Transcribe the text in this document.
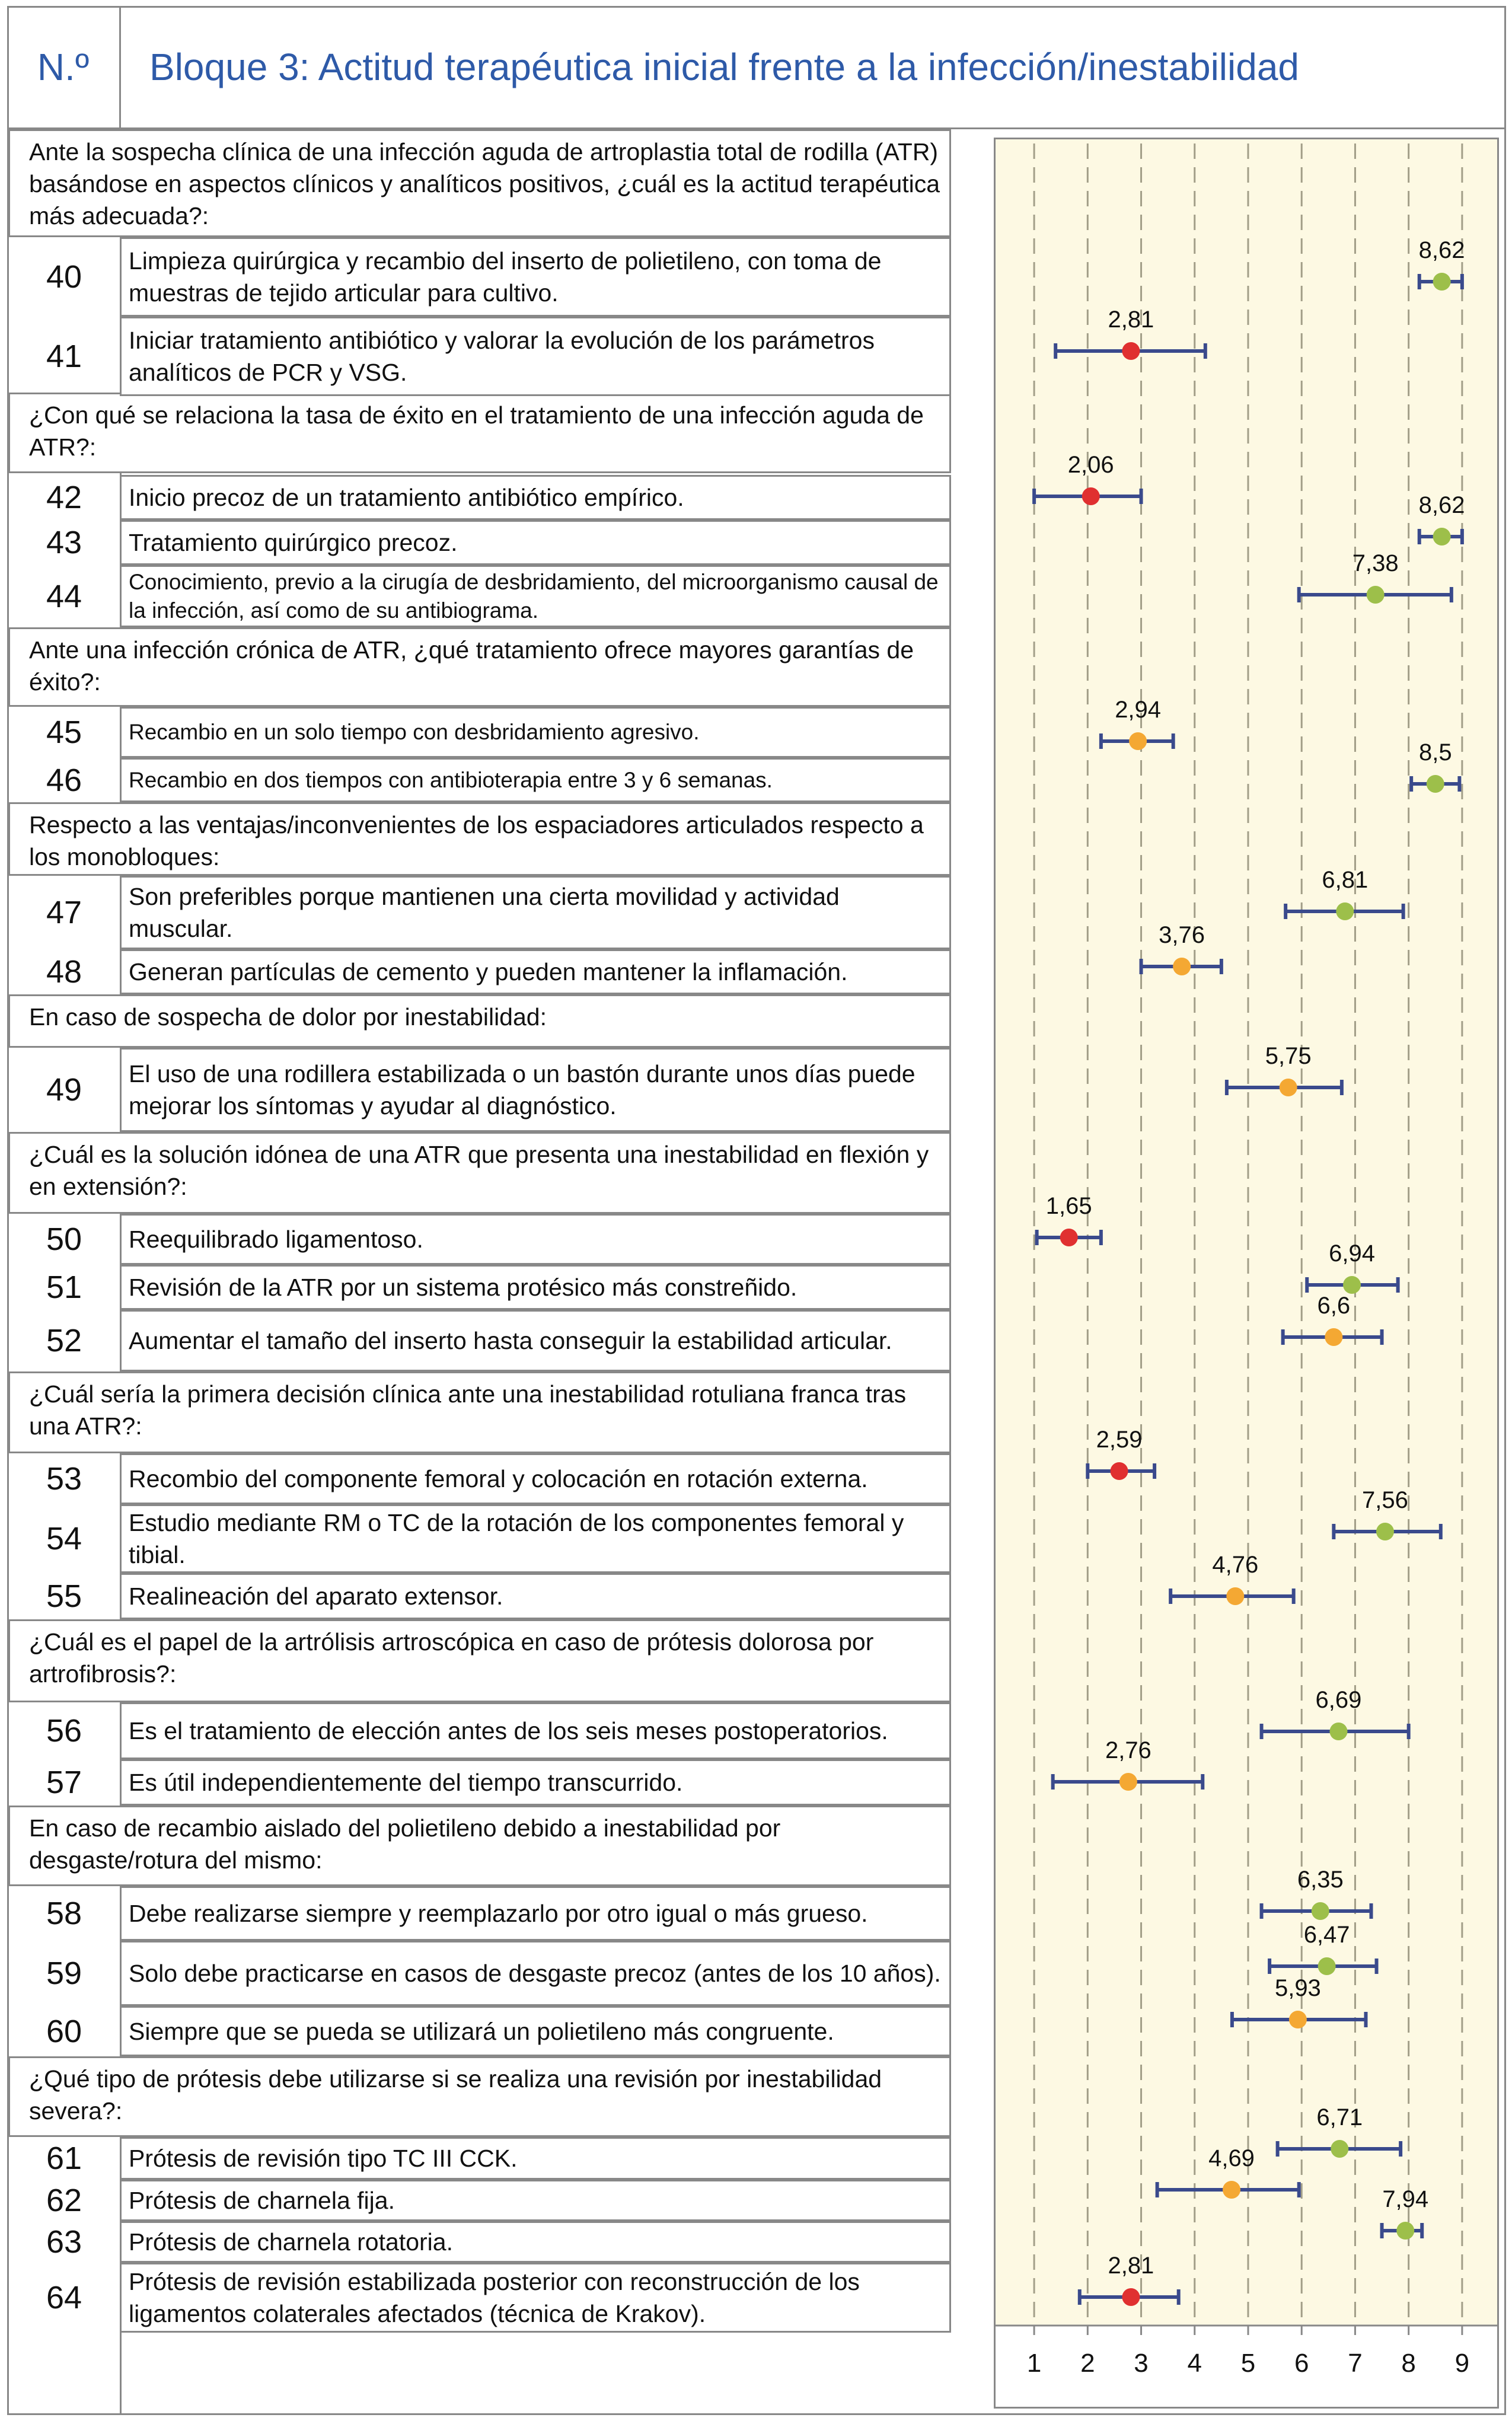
N.º	Bloque 3: Actitud terapéutica inicial frente a la infección/inestabilidad
Ante la sospecha clínica de una infección aguda de artroplastia total de rodilla (ATR) basándose en aspectos clínicos y analíticos positivos, ¿cuál es la actitud terapéutica más adecuada?:
¿Con qué se relaciona la tasa de éxito en el tratamiento de una infección aguda de ATR?:
Ante una infección crónica de ATR, ¿qué tratamiento ofrece mayores garantías de éxito?:
Respecto a las ventajas/inconvenientes de los espaciadores articulados respecto a los monobloques:
En caso de sospecha de dolor por inestabilidad:
¿Cuál es la solución idónea de una ATR que presenta una inestabilidad en flexión y en extensión?:
¿Cuál sería la primera decisión clínica ante una inestabilidad rotuliana franca tras una ATR?:
¿Cuál es el papel de la artrólisis artroscópica en caso de prótesis dolorosa por artrofibrosis?:
En caso de recambio aislado del polietileno debido a inestabilidad por desgaste/rotura del mismo:
¿Qué tipo de prótesis debe utilizarse si se realiza una revisión por inestabilidad severa?:
40	Limpieza quirúrgica y recambio del inserto de polietileno, con toma de muestras de tejido articular para cultivo.
41	Iniciar tratamiento antibiótico y valorar la evolución de los parámetros analíticos de PCR y VSG.
42	Inicio precoz de un tratamiento antibiótico empírico.
43	Tratamiento quirúrgico precoz.
44	Conocimiento, previo a la cirugía de desbridamiento, del microorganismo causal de la infección, así como de su antibiograma.
45	Recambio en un solo tiempo con desbridamiento agresivo.
46	Recambio en dos tiempos con antibioterapia entre 3 y 6 semanas.
47	Son preferibles porque mantienen una cierta movilidad y actividad muscular.
48	Generan partículas de cemento y pueden mantener la inflamación.
49	El uso de una rodillera estabilizada o un bastón durante unos días puede mejorar los síntomas y ayudar al diagnóstico.
50	Reequilibrado ligamentoso.
51	Revisión de la ATR por un sistema protésico más constreñido.
52	Aumentar el tamaño del inserto hasta conseguir la estabilidad articular.
53	Recombio del componente femoral y colocación en rotación externa.
54	Estudio mediante RM o TC de la rotación de los componentes femoral y tibial.
55	Realineación del aparato extensor.
56	Es el tratamiento de elección antes de los seis meses postoperatorios.
57	Es útil independientemente del tiempo transcurrido.
58	Debe realizarse siempre y reemplazarlo por otro igual o más grueso.
59	Solo debe practicarse en casos de desgaste precoz (antes de los 10 años).
60	Siempre que se pueda se utilizará un polietileno más congruente.
61	Prótesis de revisión tipo TC III CCK.
62	Prótesis de charnela fija.
63	Prótesis de charnela rotatoria.
64	Prótesis de revisión estabilizada posterior con reconstrucción de los ligamentos colaterales afectados (técnica de Krakov).
1 2 3 4 5 6 7 8 9
8,62
2,81
2,06
8,62
7,38
2,94
8,5
6,81
3,76
5,75
1,65
6,94
6,6
2,59
7,56
4,76
6,69
2,76
6,35
6,47
5,93
6,71
4,69
7,94
2,81
